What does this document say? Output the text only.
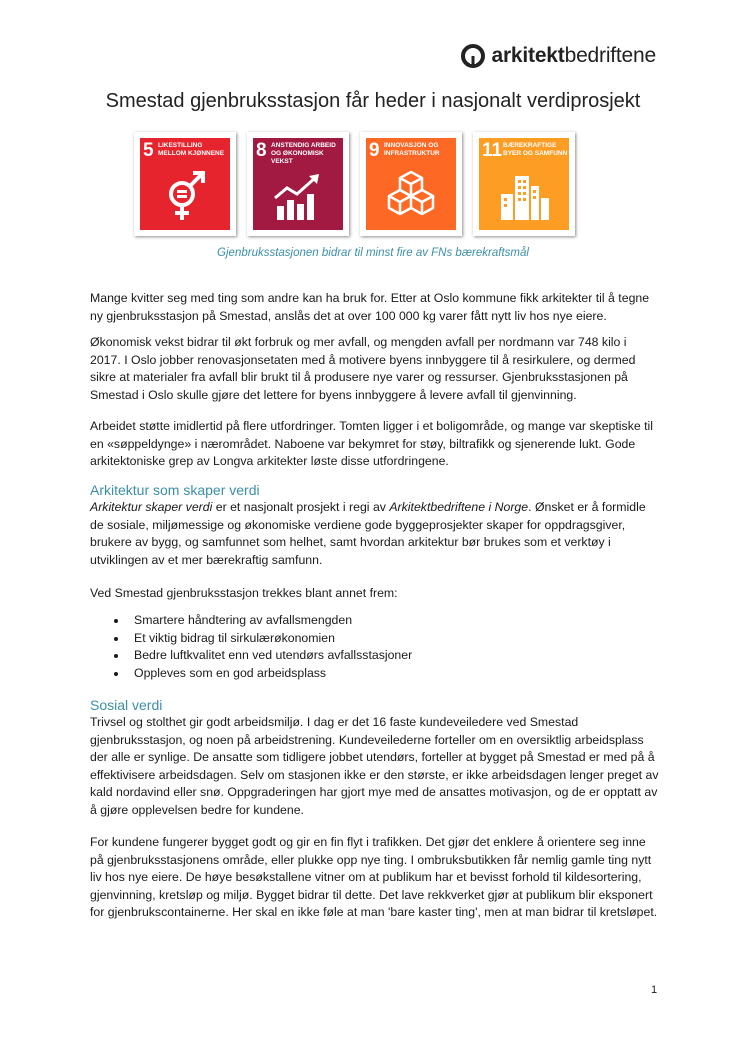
arkitektbedriftene
Smestad gjenbruksstasjon får heder i nasjonalt verdiprosjekt
5 LIKESTILLING
MELLOM KJØNNENE 8 ANSTENDIG ARBEID
OG ØKONOMISK
VEKST
9 INNOVASJON OG
INFRASTRUKTUR	11 BÆREKRAFTIGE
BYER OG SAMFUNN

Gjenbruksstasjonen bidrar til minst fire av FNs bærekraftsmål

Mange kvitter seg med ting som andre kan ha bruk for. Etter at Oslo kommune fikk arkitekter til å tegne ny gjenbruksstasjon på Smestad, anslås det at over 100 000 kg varer fått nytt liv hos nye eiere.

Økonomisk vekst bidrar til økt forbruk og mer avfall, og mengden avfall per nordmann var 748 kilo i 2017. I Oslo jobber renovasjonsetaten med å motivere byens innbyggere til å resirkulere, og dermed sikre at materialer fra avfall blir brukt til å produsere nye varer og ressurser. Gjenbruksstasjonen på Smestad i Oslo skulle gjøre det lettere for byens innbyggere å levere avfall til gjenvinning.

Arbeidet støtte imidlertid på flere utfordringer. Tomten ligger i et boligområde, og mange var skeptiske til en «søppeldynge» i nærområdet. Naboene var bekymret for støy, biltrafikk og sjenerende lukt. Gode arkitektoniske grep av Longva arkitekter løste disse utfordringene.

Arkitektur som skaper verdi

Arkitektur skaper verdi er et nasjonalt prosjekt i regi av Arkitektbedriftene i Norge. Ønsket er å formidle de sosiale, miljømessige og økonomiske verdiene gode byggeprosjekter skaper for oppdragsgiver, brukere av bygg, og samfunnet som helhet, samt hvordan arkitektur bør brukes som et verktøy i utviklingen av et mer bærekraftig samfunn.

Ved Smestad gjenbruksstasjon trekkes blant annet frem:

Smartere håndtering av avfallsmengden
Et viktig bidrag til sirkulærøkonomien
Bedre luftkvalitet enn ved utendørs avfallsstasjoner
Oppleves som en god arbeidsplass
Sosial verdi

Trivsel og stolthet gir godt arbeidsmiljø. I dag er det 16 faste kundeveiledere ved Smestad gjenbruksstasjon, og noen på arbeidstrening. Kundeveilederne forteller om en oversiktlig arbeidsplass der alle er synlige. De ansatte som tidligere jobbet utendørs, forteller at bygget på Smestad er med på å effektivisere arbeidsdagen. Selv om stasjonen ikke er den største, er ikke arbeidsdagen lenger preget av kald nordavind eller snø. Oppgraderingen har gjort mye med de ansattes motivasjon, og de er opptatt av å gjøre opplevelsen bedre for kundene.

For kundene fungerer bygget godt og gir en fin flyt i trafikken. Det gjør det enklere å orientere seg inne på gjenbruksstasjonens område, eller plukke opp nye ting. I ombruksbutikken får nemlig gamle ting nytt liv hos nye eiere. De høye besøkstallene vitner om at publikum har et bevisst forhold til kildesortering, gjenvinning, kretsløp og miljø. Bygget bidrar til dette. Det lave rekkverket gjør at publikum blir eksponert for gjenbrukscontainerne. Her skal en ikke føle at man 'bare kaster ting', men at man bidrar til kretsløpet.

1
